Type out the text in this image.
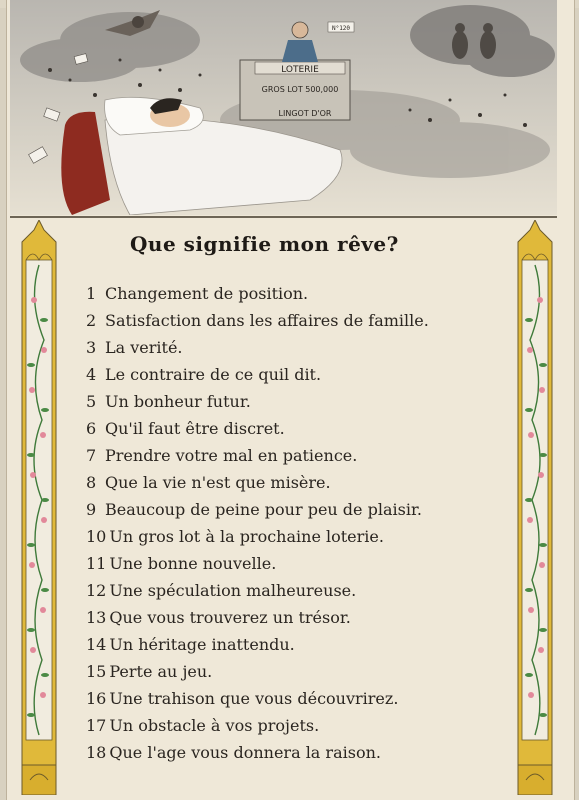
N°120
LOTERIE
GROS LOT 500,000
LINGOT D'OR
Que signifie mon rêve?
1 Changement de position.
2 Satisfaction dans les affaires de famille.
3 La verité.
4 Le contraire de ce quil dit.
5 Un bonheur futur.
6 Qu'il faut être discret.
7 Prendre votre mal en patience.
8 Que la vie n'est que misère.
9 Beaucoup de peine pour peu de plaisir.
10 Un gros lot à la prochaine loterie.
11 Une bonne nouvelle.
12 Une spéculation malheureuse.
13 Que vous trouverez un trésor.
14 Un héritage inattendu.
15 Perte au jeu.
16 Une trahison que vous découvrirez.
17 Un obstacle à vos projets.
18 Que l'age vous donnera la raison.
